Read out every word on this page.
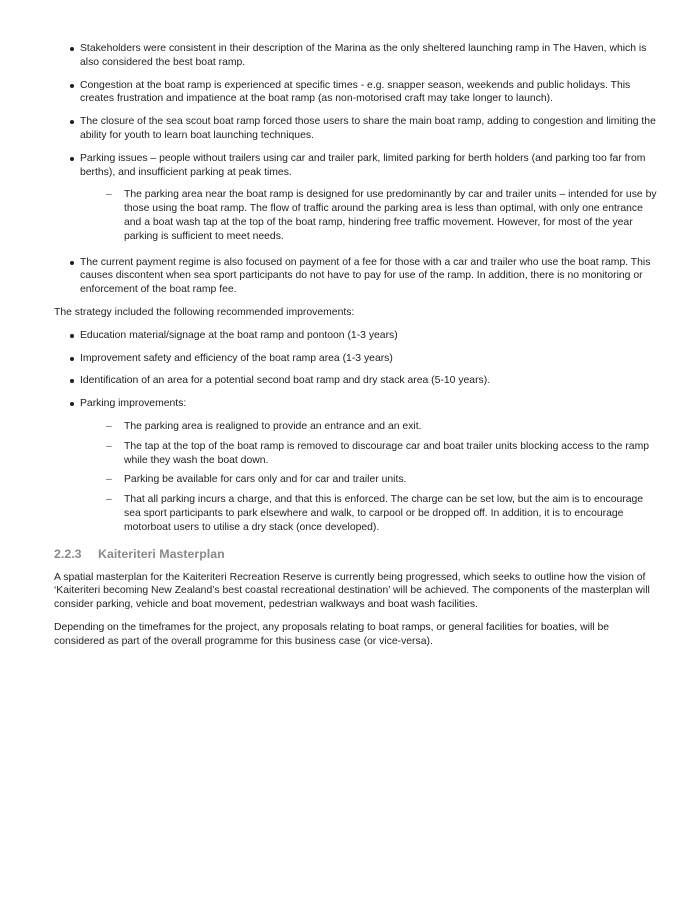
Stakeholders were consistent in their description of the Marina as the only sheltered launching ramp in The Haven, which is also considered the best boat ramp.
Congestion at the boat ramp is experienced at specific times - e.g. snapper season, weekends and public holidays. This creates frustration and impatience at the boat ramp (as non-motorised craft may take longer to launch).
The closure of the sea scout boat ramp forced those users to share the main boat ramp, adding to congestion and limiting the ability for youth to learn boat launching techniques.
Parking issues – people without trailers using car and trailer park, limited parking for berth holders (and parking too far from berths), and insufficient parking at peak times.
– The parking area near the boat ramp is designed for use predominantly by car and trailer units – intended for use by those using the boat ramp. The flow of traffic around the parking area is less than optimal, with only one entrance and a boat wash tap at the top of the boat ramp, hindering free traffic movement. However, for most of the year parking is sufficient to meet needs.
The current payment regime is also focused on payment of a fee for those with a car and trailer who use the boat ramp. This causes discontent when sea sport participants do not have to pay for use of the ramp. In addition, there is no monitoring or enforcement of the boat ramp fee.

The strategy included the following recommended improvements:

Education material/signage at the boat ramp and pontoon (1-3 years)
Improvement safety and efficiency of the boat ramp area (1-3 years)
Identification of an area for a potential second boat ramp and dry stack area (5-10 years).
Parking improvements:
– The parking area is realigned to provide an entrance and an exit.
– The tap at the top of the boat ramp is removed to discourage car and boat trailer units blocking access to the ramp while they wash the boat down.
– Parking be available for cars only and for car and trailer units.
– That all parking incurs a charge, and that this is enforced. The charge can be set low, but the aim is to encourage sea sport participants to park elsewhere and walk, to carpool or be dropped off. In addition, it is to encourage motorboat users to utilise a dry stack (once developed).
2.2.3 Kaiteriteri Masterplan

A spatial masterplan for the Kaiteriteri Recreation Reserve is currently being progressed, which seeks to outline how the vision of ‘Kaiteriteri becoming New Zealand’s best coastal recreational destination’ will be achieved. The components of the masterplan will consider parking, vehicle and boat movement, pedestrian walkways and boat wash facilities.

Depending on the timeframes for the project, any proposals relating to boat ramps, or general facilities for boaties, will be considered as part of the overall programme for this business case (or vice-versa).
